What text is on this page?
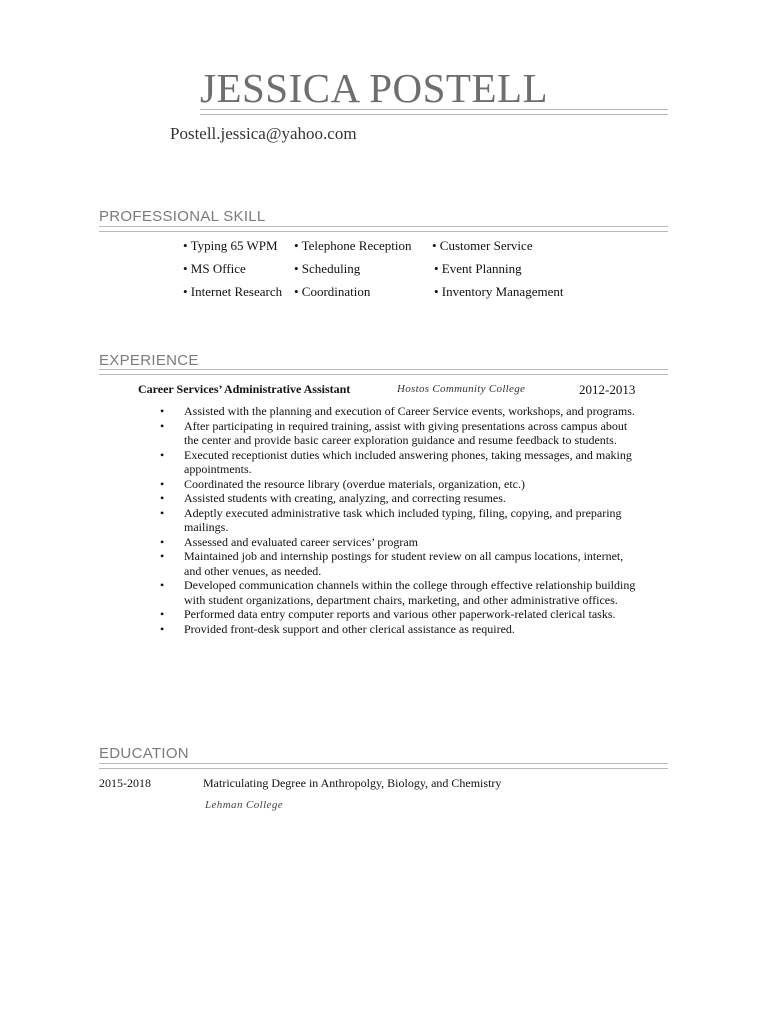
JESSICA POSTELL
Postell.jessica@yahoo.com
PROFESSIONAL SKILL
• Typing 65 WPM • Telephone Reception • Customer Service
• MS Office	• Scheduling	• Event Planning
• Internet Research • Coordination	• Inventory Management
EXPERIENCE
Career Services’ Administrative Assistant	Hostos Community College	2012-2013
• Assisted with the planning and execution of Career Service events, workshops, and programs.
• After participating in required training, assist with giving presentations across campus about the center and provide basic career exploration guidance and resume feedback to students.
• Executed receptionist duties which included answering phones, taking messages, and making appointments.
• Coordinated the resource library (overdue materials, organization, etc.)
• Assisted students with creating, analyzing, and correcting resumes.
• Adeptly executed administrative task which included typing, filing, copying, and preparing mailings.
• Assessed and evaluated career services’ program
• Maintained job and internship postings for student review on all campus locations, internet, and other venues, as needed.
• Developed communication channels within the college through effective relationship building with student organizations, department chairs, marketing, and other administrative offices.
• Performed data entry computer reports and various other paperwork-related clerical tasks.
• Provided front-desk support and other clerical assistance as required.
EDUCATION
2015-2018	Matriculating Degree in Anthropolgy, Biology, and Chemistry
Lehman College
